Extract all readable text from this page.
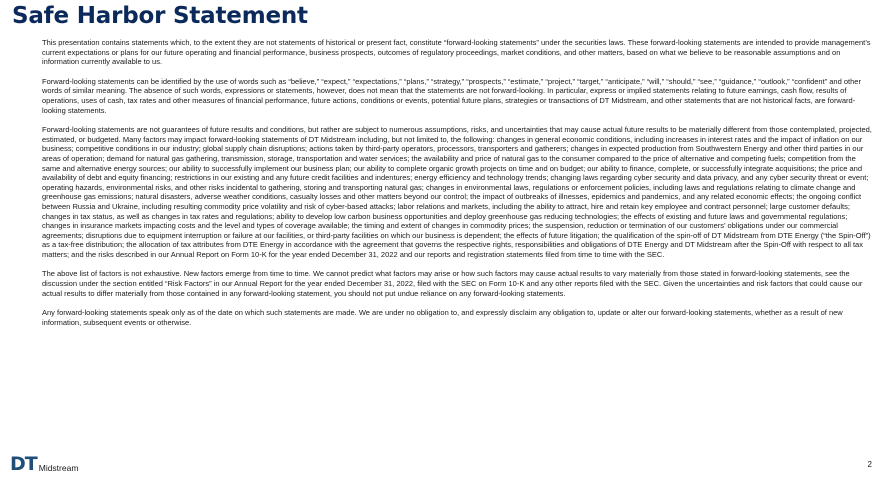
Safe Harbor Statement

This presentation contains statements which, to the extent they are not statements of historical or present fact, constitute “forward-looking statements” under the securities laws. These forward-looking statements are intended to provide management’s current expectations or plans for our future operating and financial performance, business prospects, outcomes of regulatory proceedings, market conditions, and other matters, based on what we believe to be reasonable assumptions and on information currently available to us.

Forward-looking statements can be identified by the use of words such as “believe,” “expect,” “expectations,” “plans,” “strategy,” “prospects,” “estimate,” “project,” “target,” “anticipate,” “will,” “should,” “see,” “guidance,” “outlook,” “confident” and other words of similar meaning. The absence of such words, expressions or statements, however, does not mean that the statements are not forward-looking. In particular, express or implied statements relating to future earnings, cash flow, results of operations, uses of cash, tax rates and other measures of financial performance, future actions, conditions or events, potential future plans, strategies or transactions of DT Midstream, and other statements that are not historical facts, are forward-looking statements.

Forward-looking statements are not guarantees of future results and conditions, but rather are subject to numerous assumptions, risks, and uncertainties that may cause actual future results to be materially different from those contemplated, projected, estimated, or budgeted. Many factors may impact forward-looking statements of DT Midstream including, but not limited to, the following: changes in general economic conditions, including increases in interest rates and the impact of inflation on our business; competitive conditions in our industry; global supply chain disruptions; actions taken by third-party operators, processors, transporters and gatherers; changes in expected production from Southwestern Energy and other third parties in our areas of operation; demand for natural gas gathering, transmission, storage, transportation and water services; the availability and price of natural gas to the consumer compared to the price of alternative and competing fuels; competition from the same and alternative energy sources; our ability to successfully implement our business plan; our ability to complete organic growth projects on time and on budget; our ability to finance, complete, or successfully integrate acquisitions; the price and availability of debt and equity financing; restrictions in our existing and any future credit facilities and indentures; energy efficiency and technology trends; changing laws regarding cyber security and data privacy, and any cyber security threat or event; operating hazards, environmental risks, and other risks incidental to gathering, storing and transporting natural gas; changes in environmental laws, regulations or enforcement policies, including laws and regulations relating to climate change and greenhouse gas emissions; natural disasters, adverse weather conditions, casualty losses and other matters beyond our control; the impact of outbreaks of illnesses, epidemics and pandemics, and any related economic effects; the ongoing conflict between Russia and Ukraine, including resulting commodity price volatility and risk of cyber-based attacks; labor relations and markets, including the ability to attract, hire and retain key employee and contract personnel; large customer defaults; changes in tax status, as well as changes in tax rates and regulations; ability to develop low carbon business opportunities and deploy greenhouse gas reducing technologies; the effects of existing and future laws and governmental regulations; changes in insurance markets impacting costs and the level and types of coverage available; the timing and extent of changes in commodity prices; the suspension, reduction or termination of our customers’ obligations under our commercial agreements; disruptions due to equipment interruption or failure at our facilities, or third-party facilities on which our business is dependent; the effects of future litigation; the qualification of the spin-off of DT Midstream from DTE Energy (“the Spin-Off”) as a tax-free distribution; the allocation of tax attributes from DTE Energy in accordance with the agreement that governs the respective rights, responsibilities and obligations of DTE Energy and DT Midstream after the Spin-Off with respect to all tax matters; and the risks described in our Annual Report on Form 10-K for the year ended December 31, 2022 and our reports and registration statements filed from time to time with the SEC.

The above list of factors is not exhaustive. New factors emerge from time to time. We cannot predict what factors may arise or how such factors may cause actual results to vary materially from those stated in forward-looking statements, see the discussion under the section entitled “Risk Factors” in our Annual Report for the year ended December 31, 2022, filed with the SEC on Form 10-K and any other reports filed with the SEC. Given the uncertainties and risk factors that could cause our actual results to differ materially from those contained in any forward-looking statement, you should not put undue reliance on any forward-looking statements.

Any forward-looking statements speak only as of the date on which such statements are made. We are under no obligation to, and expressly disclaim any obligation to, update or alter our forward-looking statements, whether as a result of new information, subsequent events or otherwise.

DT Midstream	2
